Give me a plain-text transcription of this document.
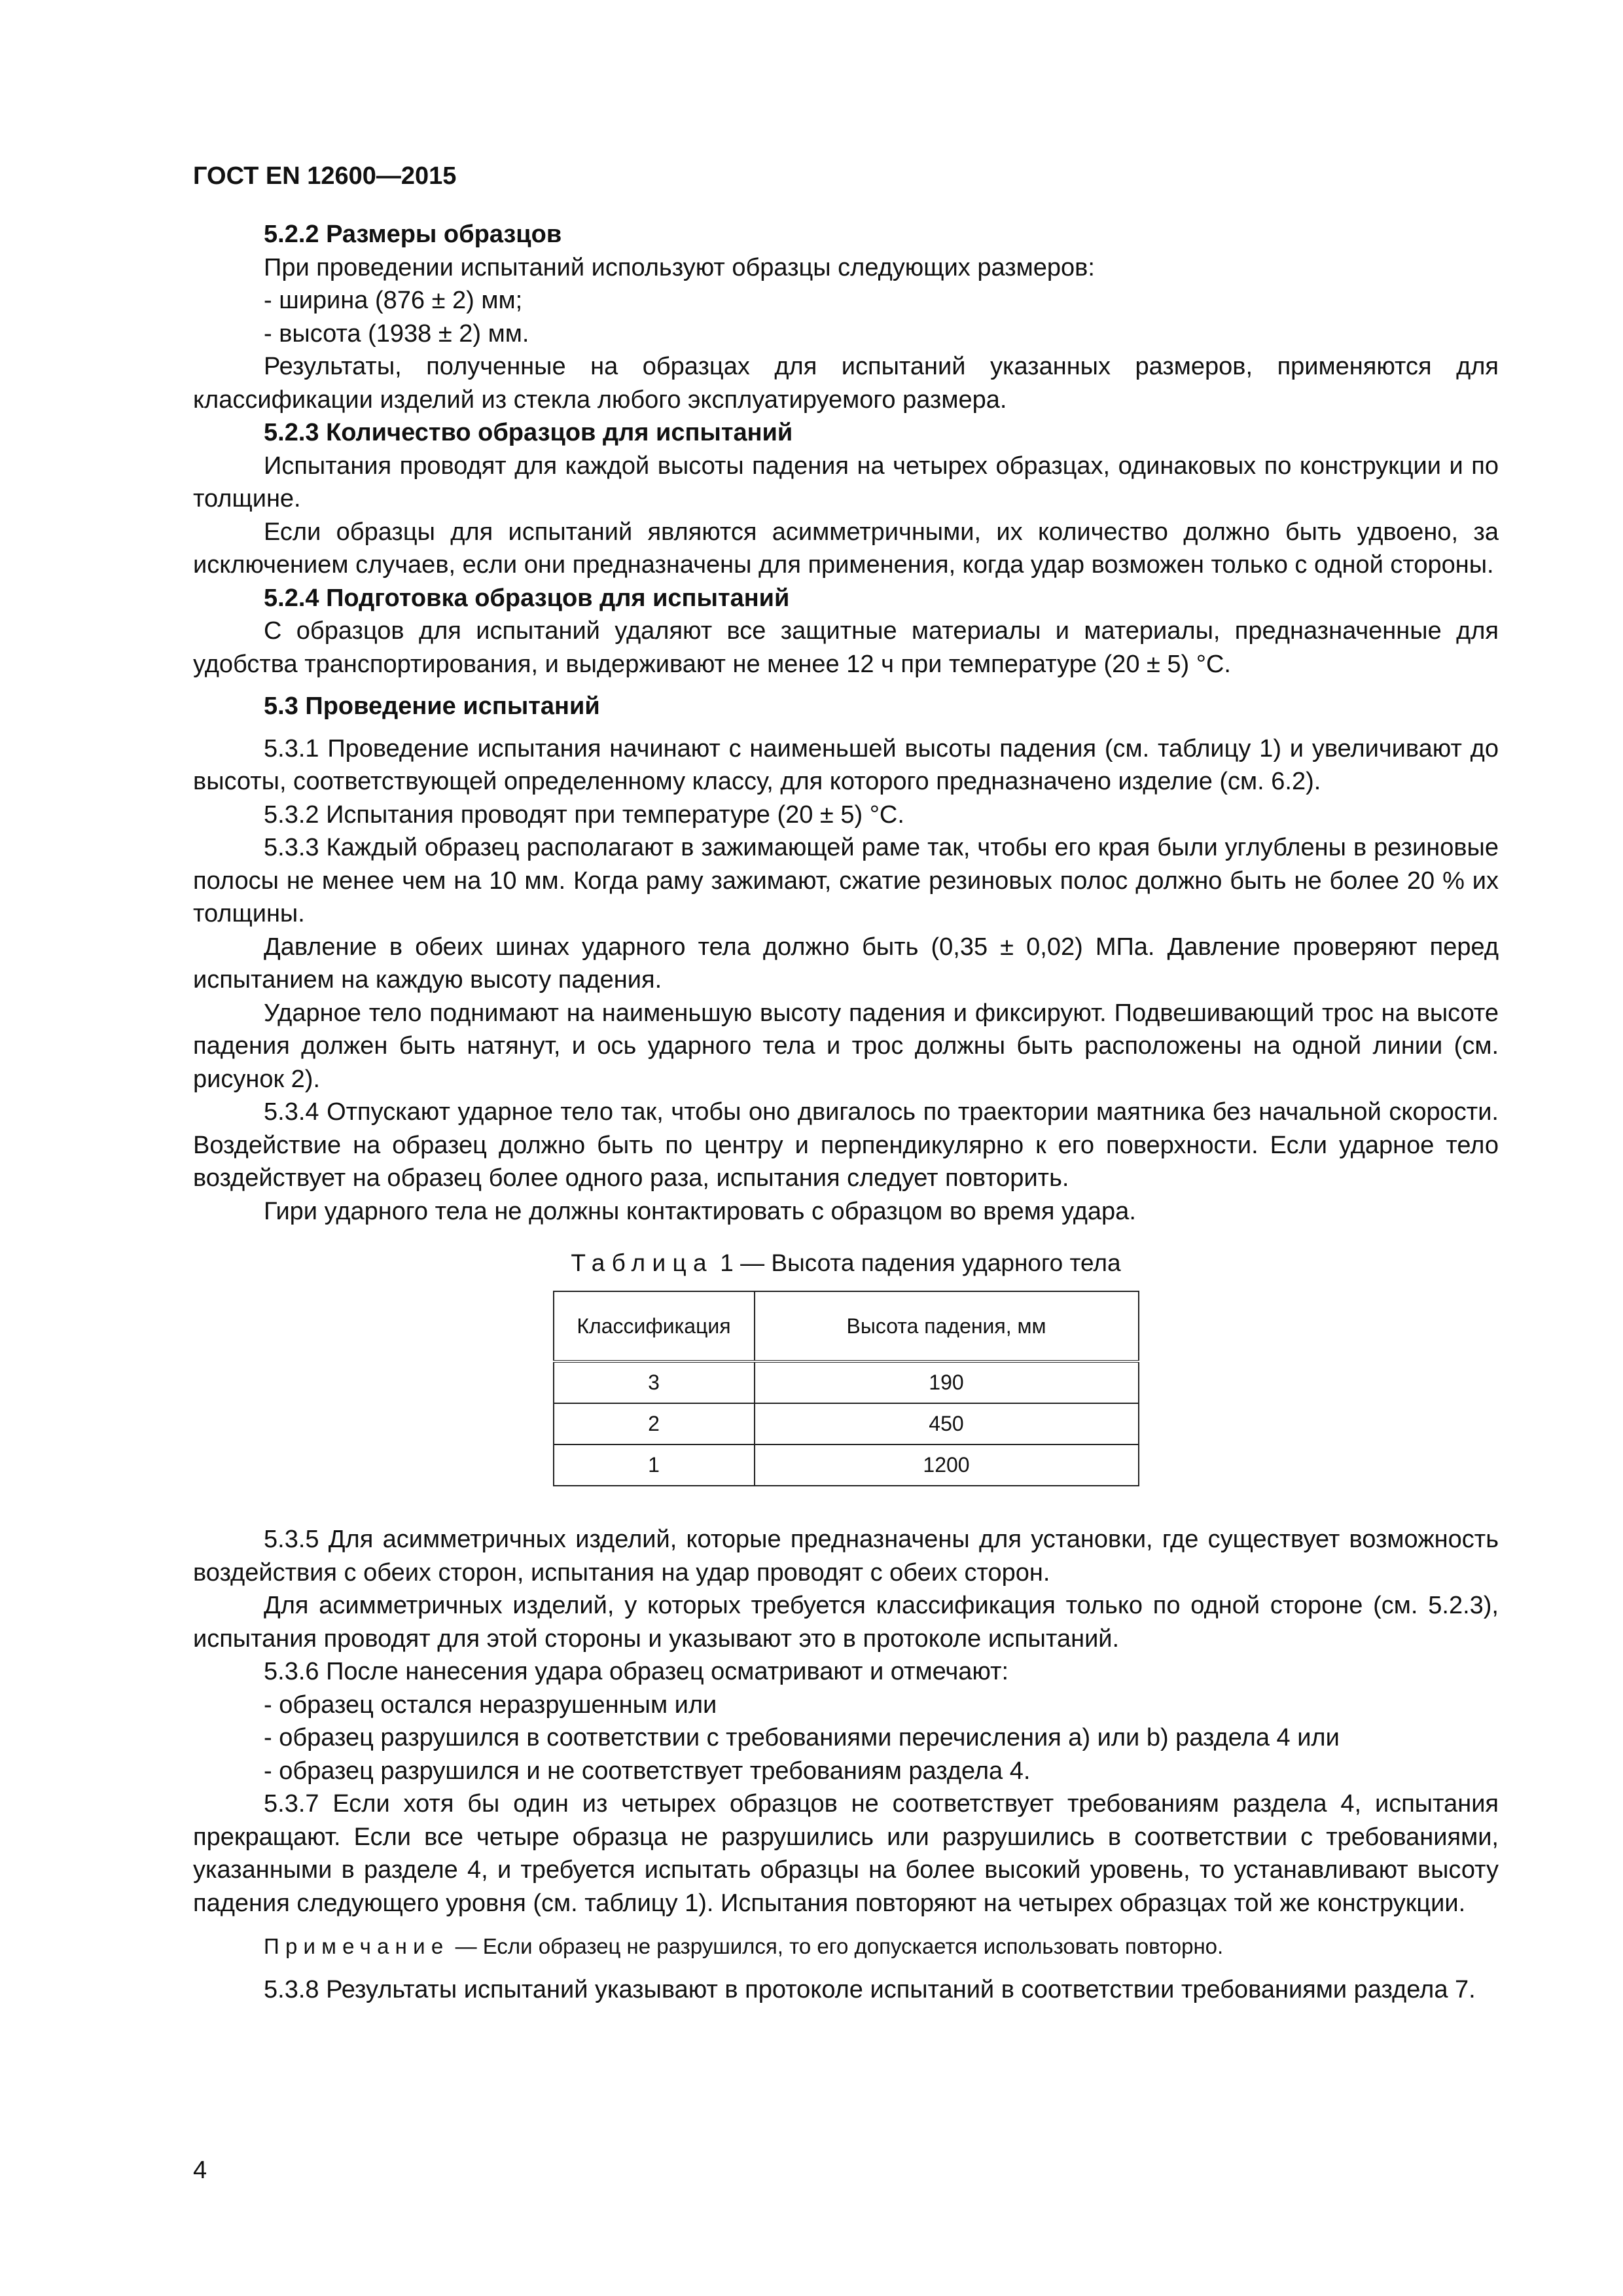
ГОСТ EN 12600—2015

5.2.2 Размеры образцов

При проведении испытаний используют образцы следующих размеров:

- ширина (876 ± 2) мм;

- высота (1938 ± 2) мм.

Результаты, полученные на образцах для испытаний указанных размеров, применяются для классификации изделий из стекла любого эксплуатируемого размера.

5.2.3 Количество образцов для испытаний

Испытания проводят для каждой высоты падения на четырех образцах, одинаковых по конструкции и по толщине.

Если образцы для испытаний являются асимметричными, их количество должно быть удвоено, за исключением случаев, если они предназначены для применения, когда удар возможен только с одной стороны.

5.2.4 Подготовка образцов для испытаний

С образцов для испытаний удаляют все защитные материалы и материалы, предназначенные для удобства транспортирования, и выдерживают не менее 12 ч при температуре (20 ± 5) °С.

5.3 Проведение испытаний

5.3.1 Проведение испытания начинают с наименьшей высоты падения (см. таблицу 1) и увеличивают до высоты, соответствующей определенному классу, для которого предназначено изделие (см. 6.2).

5.3.2 Испытания проводят при температуре (20 ± 5) °С.

5.3.3 Каждый образец располагают в зажимающей раме так, чтобы его края были углублены в резиновые полосы не менее чем на 10 мм. Когда раму зажимают, сжатие резиновых полос должно быть не более 20 % их толщины.

Давление в обеих шинах ударного тела должно быть (0,35 ± 0,02) МПа. Давление проверяют перед испытанием на каждую высоту падения.

Ударное тело поднимают на наименьшую высоту падения и фиксируют. Подвешивающий трос на высоте падения должен быть натянут, и ось ударного тела и трос должны быть расположены на одной линии (см. рисунок 2).

5.3.4 Отпускают ударное тело так, чтобы оно двигалось по траектории маятника без начальной скорости. Воздействие на образец должно быть по центру и перпендикулярно к его поверхности. Если ударное тело воздействует на образец более одного раза, испытания следует повторить.

Гири ударного тела не должны контактировать с образцом во время удара.

Таблица 1 — Высота падения ударного тела
Классификация	Высота падения, мм
3	190
2	450
1	1200

5.3.5 Для асимметричных изделий, которые предназначены для установки, где существует возможность воздействия с обеих сторон, испытания на удар проводят с обеих сторон.

Для асимметричных изделий, у которых требуется классификация только по одной стороне (см. 5.2.3), испытания проводят для этой стороны и указывают это в протоколе испытаний.

5.3.6 После нанесения удара образец осматривают и отмечают:

- образец остался неразрушенным или

- образец разрушился в соответствии с требованиями перечисления a) или b) раздела 4 или

- образец разрушился и не соответствует требованиям раздела 4.

5.3.7 Если хотя бы один из четырех образцов не соответствует требованиям раздела 4, испытания прекращают. Если все четыре образца не разрушились или разрушились в соответствии с требованиями, указанными в разделе 4, и требуется испытать образцы на более высокий уровень, то устанавливают высоту падения следующего уровня (см. таблицу 1). Испытания повторяют на четырех образцах той же конструкции.

Примечание — Если образец не разрушился, то его допускается использовать повторно.

5.3.8 Результаты испытаний указывают в протоколе испытаний в соответствии требованиями раздела 7.

4
